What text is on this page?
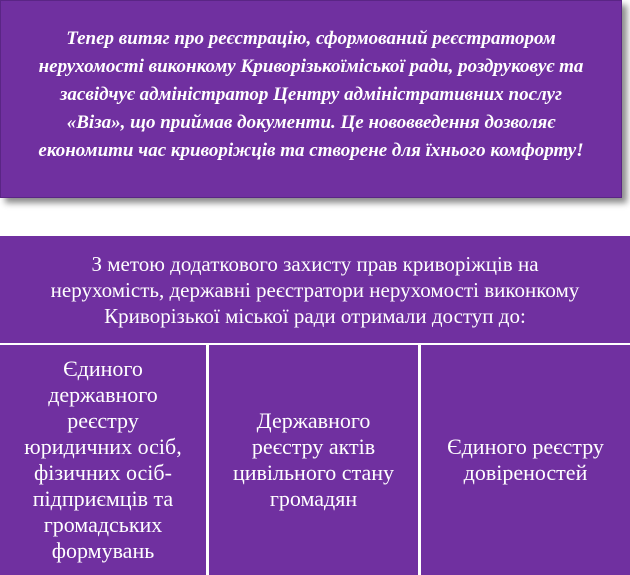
Тепер витяг про реєстрацію, сформований реєстратором
нерухомості виконкому Криворізькоїміської ради, роздруковує та
засвідчує адміністратор Центру адміністративних послуг
«Віза», що приймав документи. Це нововведення дозволяє
економити час криворіжців та створене для їхнього комфорту!
З метою додаткового захисту прав криворіжців на
нерухомість, державні реєстратори нерухомості виконкому
Криворізької міської ради отримали доступ до:
Єдиного
державного
реєстру
юридичних осіб,
фізичних осіб-
підприємців та
громадських
формувань
Державного
реєстру актів
цивільного стану
громадян
Єдиного реєстру
довіреностей
